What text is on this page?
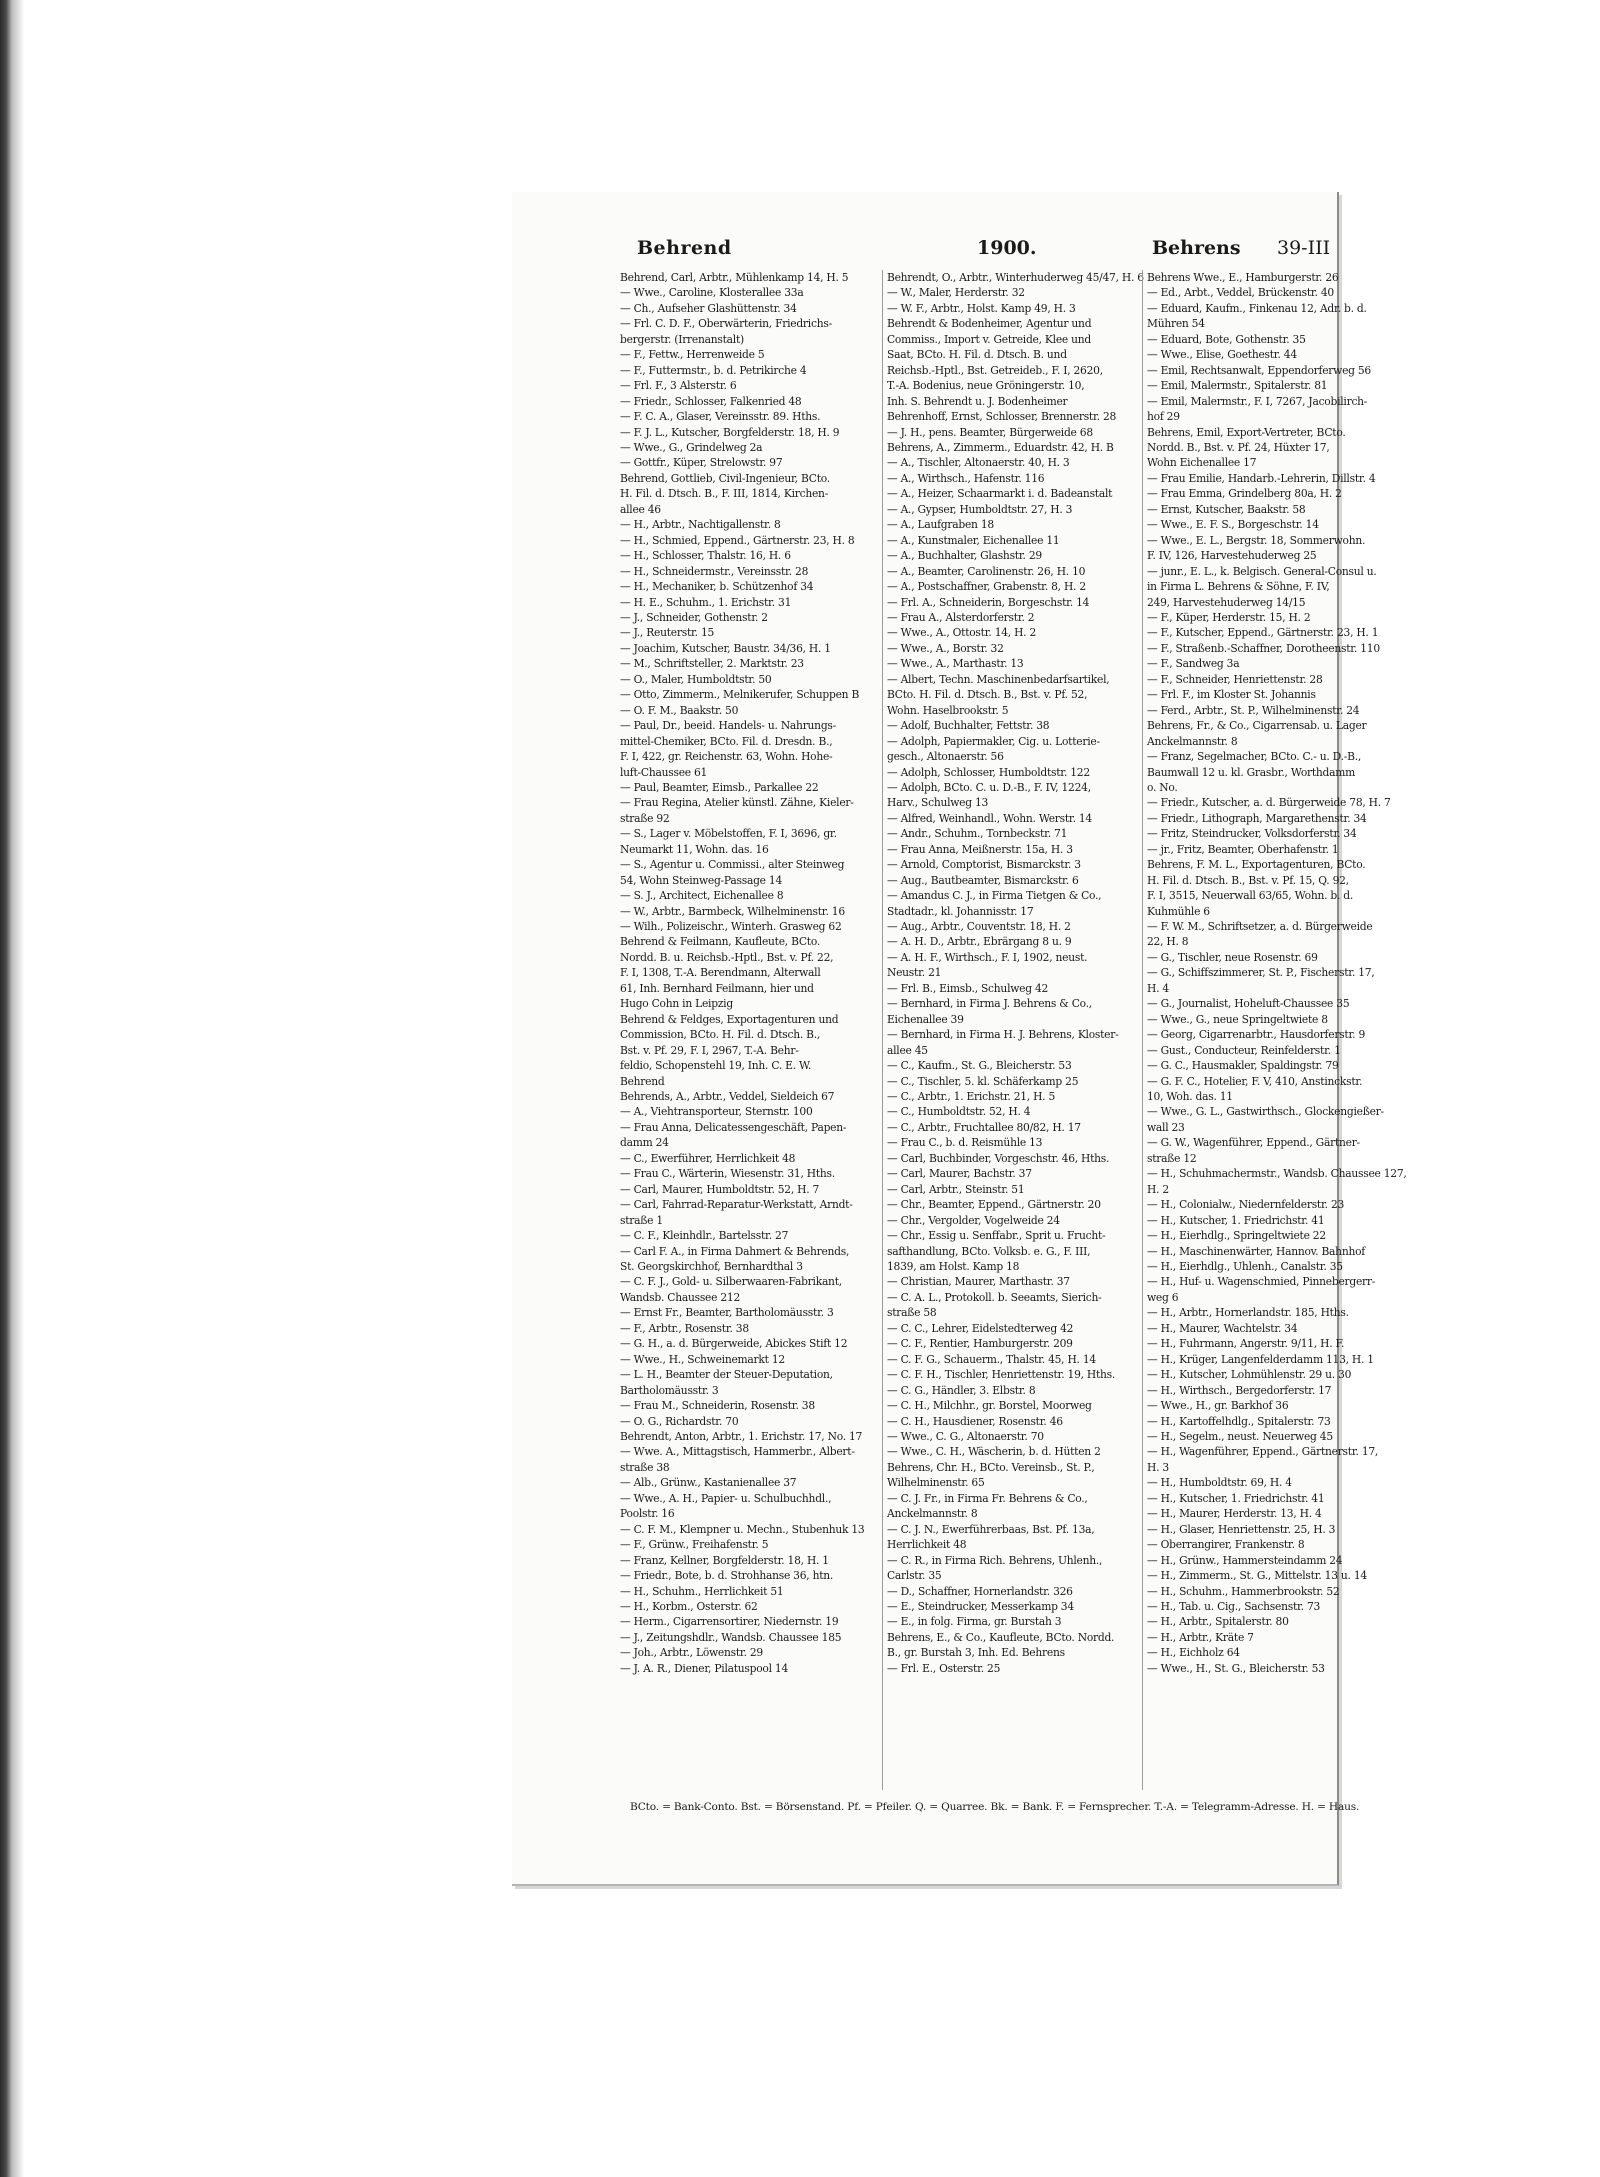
Behrend	1900.	Behrens 39-III
Behrend, Carl, Arbtr., Mühlenkamp 14, H. 5
— Wwe., Caroline, Klosterallee 33a
— Ch., Aufseher Glashüttenstr. 34
— Frl. C. D. F., Oberwärterin, Friedrichs-
bergerstr. (Irrenanstalt)
— F., Fettw., Herrenweide 5
— F., Futtermstr., b. d. Petrikirche 4
— Frl. F., 3 Alsterstr. 6
— Friedr., Schlosser, Falkenried 48
— F. C. A., Glaser, Vereinsstr. 89. Hths.
— F. J. L., Kutscher, Borgfelderstr. 18, H. 9
— Wwe., G., Grindelweg 2a
— Gottfr., Küper, Strelowstr. 97
Behrend, Gottlieb, Civil-Ingenieur, BCto.
H. Fil. d. Dtsch. B., F. III, 1814, Kirchen-
allee 46
— H., Arbtr., Nachtigallenstr. 8
— H., Schmied, Eppend., Gärtnerstr. 23, H. 8
— H., Schlosser, Thalstr. 16, H. 6
— H., Schneidermstr., Vereinsstr. 28
— H., Mechaniker, b. Schützenhof 34
— H. E., Schuhm., 1. Erichstr. 31
— J., Schneider, Gothenstr. 2
— J., Reuterstr. 15
— Joachim, Kutscher, Baustr. 34/36, H. 1
— M., Schriftsteller, 2. Marktstr. 23
— O., Maler, Humboldtstr. 50
— Otto, Zimmerm., Melnikerufer, Schuppen B
— O. F. M., Baakstr. 50
— Paul, Dr., beeid. Handels- u. Nahrungs-
mittel-Chemiker, BCto. Fil. d. Dresdn. B.,
F. I, 422, gr. Reichenstr. 63, Wohn. Hohe-
luft-Chaussee 61
— Paul, Beamter, Eimsb., Parkallee 22
— Frau Regina, Atelier künstl. Zähne, Kieler-
straße 92
— S., Lager v. Möbelstoffen, F. I, 3696, gr.
Neumarkt 11, Wohn. das. 16
— S., Agentur u. Commissi., alter Steinweg
54, Wohn Steinweg-Passage 14
— S. J., Architect, Eichenallee 8
— W., Arbtr., Barmbeck, Wilhelminenstr. 16
— Wilh., Polizeischr., Winterh. Grasweg 62
Behrend & Feilmann, Kaufleute, BCto.
Nordd. B. u. Reichsb.-Hptl., Bst. v. Pf. 22,
F. I, 1308, T.-A. Berendmann, Alterwall
61, Inh. Bernhard Feilmann, hier und
Hugo Cohn in Leipzig
Behrend & Feldges, Exportagenturen und
Commission, BCto. H. Fil. d. Dtsch. B.,
Bst. v. Pf. 29, F. I, 2967, T.-A. Behr-
feldio, Schopenstehl 19, Inh. C. E. W.
Behrend
Behrends, A., Arbtr., Veddel, Sieldeich 67
— A., Viehtransporteur, Sternstr. 100
— Frau Anna, Delicatessengeschäft, Papen-
damm 24
— C., Ewerführer, Herrlichkeit 48
— Frau C., Wärterin, Wiesenstr. 31, Hths.
— Carl, Maurer, Humboldtstr. 52, H. 7
— Carl, Fahrrad-Reparatur-Werkstatt, Arndt-
straße 1
— C. F., Kleinhdlr., Bartelsstr. 27
— Carl F. A., in Firma Dahmert & Behrends,
St. Georgskirchhof, Bernhardthal 3
— C. F. J., Gold- u. Silberwaaren-Fabrikant,
Wandsb. Chaussee 212
— Ernst Fr., Beamter, Bartholomäusstr. 3
— F., Arbtr., Rosenstr. 38
— G. H., a. d. Bürgerweide, Abickes Stift 12
— Wwe., H., Schweinemarkt 12
— L. H., Beamter der Steuer-Deputation,
Bartholomäusstr. 3
— Frau M., Schneiderin, Rosenstr. 38
— O. G., Richardstr. 70
Behrendt, Anton, Arbtr., 1. Erichstr. 17, No. 17
— Wwe. A., Mittagstisch, Hammerbr., Albert-
straße 38
— Alb., Grünw., Kastanienallee 37
— Wwe., A. H., Papier- u. Schulbuchhdl.,
Poolstr. 16
— C. F. M., Klempner u. Mechn., Stubenhuk 13
— F., Grünw., Freihafenstr. 5
— Franz, Kellner, Borgfelderstr. 18, H. 1
— Friedr., Bote, b. d. Strohhanse 36, htn.
— H., Schuhm., Herrlichkeit 51
— H., Korbm., Osterstr. 62
— Herm., Cigarrensortirer, Niedernstr. 19
— J., Zeitungshdlr., Wandsb. Chaussee 185
— Joh., Arbtr., Löwenstr. 29
— J. A. R., Diener, Pilatuspool 14
Behrendt, O., Arbtr., Winterhuderweg 45/47, H. 6
— W., Maler, Herderstr. 32
— W. F., Arbtr., Holst. Kamp 49, H. 3
Behrendt & Bodenheimer, Agentur und
Commiss., Import v. Getreide, Klee und
Saat, BCto. H. Fil. d. Dtsch. B. und
Reichsb.-Hptl., Bst. Getreideb., F. I, 2620,
T.-A. Bodenius, neue Gröningerstr. 10,
Inh. S. Behrendt u. J. Bodenheimer
Behrenhoff, Ernst, Schlosser, Brennerstr. 28
— J. H., pens. Beamter, Bürgerweide 68
Behrens, A., Zimmerm., Eduardstr. 42, H. B
— A., Tischler, Altonaerstr. 40, H. 3
— A., Wirthsch., Hafenstr. 116
— A., Heizer, Schaarmarkt i. d. Badeanstalt
— A., Gypser, Humboldtstr. 27, H. 3
— A., Laufgraben 18
— A., Kunstmaler, Eichenallee 11
— A., Buchhalter, Glashstr. 29
— A., Beamter, Carolinenstr. 26, H. 10
— A., Postschaffner, Grabenstr. 8, H. 2
— Frl. A., Schneiderin, Borgeschstr. 14
— Frau A., Alsterdorferstr. 2
— Wwe., A., Ottostr. 14, H. 2
— Wwe., A., Borstr. 32
— Wwe., A., Marthastr. 13
— Albert, Techn. Maschinenbedarfsartikel,
BCto. H. Fil. d. Dtsch. B., Bst. v. Pf. 52,
Wohn. Haselbrookstr. 5
— Adolf, Buchhalter, Fettstr. 38
— Adolph, Papiermakler, Cig. u. Lotterie-
gesch., Altonaerstr. 56
— Adolph, Schlosser, Humboldtstr. 122
— Adolph, BCto. C. u. D.-B., F. IV, 1224,
Harv., Schulweg 13
— Alfred, Weinhandl., Wohn. Werstr. 14
— Andr., Schuhm., Tornbeckstr. 71
— Frau Anna, Meißnerstr. 15a, H. 3
— Arnold, Comptorist, Bismarckstr. 3
— Aug., Bautbeamter, Bismarckstr. 6
— Amandus C. J., in Firma Tietgen & Co.,
Stadtadr., kl. Johannisstr. 17
— Aug., Arbtr., Couventstr. 18, H. 2
— A. H. D., Arbtr., Ebrärgang 8 u. 9
— A. H. F., Wirthsch., F. I, 1902, neust.
Neustr. 21
— Frl. B., Eimsb., Schulweg 42
— Bernhard, in Firma J. Behrens & Co.,
Eichenallee 39
— Bernhard, in Firma H. J. Behrens, Kloster-
allee 45
— C., Kaufm., St. G., Bleicherstr. 53
— C., Tischler, 5. kl. Schäferkamp 25
— C., Arbtr., 1. Erichstr. 21, H. 5
— C., Humboldtstr. 52, H. 4
— C., Arbtr., Fruchtallee 80/82, H. 17
— Frau C., b. d. Reismühle 13
— Carl, Buchbinder, Vorgeschstr. 46, Hths.
— Carl, Maurer, Bachstr. 37
— Carl, Arbtr., Steinstr. 51
— Chr., Beamter, Eppend., Gärtnerstr. 20
— Chr., Vergolder, Vogelweide 24
— Chr., Essig u. Senffabr., Sprit u. Frucht-
safthandlung, BCto. Volksb. e. G., F. III,
1839, am Holst. Kamp 18
— Christian, Maurer, Marthastr. 37
— C. A. L., Protokoll. b. Seeamts, Sierich-
straße 58
— C. C., Lehrer, Eidelstedterweg 42
— C. F., Rentier, Hamburgerstr. 209
— C. F. G., Schauerm., Thalstr. 45, H. 14
— C. F. H., Tischler, Henriettenstr. 19, Hths.
— C. G., Händler, 3. Elbstr. 8
— C. H., Milchhr., gr. Borstel, Moorweg
— C. H., Hausdiener, Rosenstr. 46
— Wwe., C. G., Altonaerstr. 70
— Wwe., C. H., Wäscherin, b. d. Hütten 2
Behrens, Chr. H., BCto. Vereinsb., St. P.,
Wilhelminenstr. 65
— C. J. Fr., in Firma Fr. Behrens & Co.,
Anckelmannstr. 8
— C. J. N., Ewerführerbaas, Bst. Pf. 13a,
Herrlichkeit 48
— C. R., in Firma Rich. Behrens, Uhlenh.,
Carlstr. 35
— D., Schaffner, Hornerlandstr. 326
— E., Steindrucker, Messerkamp 34
— E., in folg. Firma, gr. Burstah 3
Behrens, E., & Co., Kaufleute, BCto. Nordd.
B., gr. Burstah 3, Inh. Ed. Behrens
— Frl. E., Osterstr. 25
Behrens Wwe., E., Hamburgerstr. 26
— Ed., Arbt., Veddel, Brückenstr. 40
— Eduard, Kaufm., Finkenau 12, Adr. b. d.
Mühren 54
— Eduard, Bote, Gothenstr. 35
— Wwe., Elise, Goethestr. 44
— Emil, Rechtsanwalt, Eppendorferweg 56
— Emil, Malermstr., Spitalerstr. 81
— Emil, Malermstr., F. I, 7267, Jacobilirch-
hof 29
Behrens, Emil, Export-Vertreter, BCto.
Nordd. B., Bst. v. Pf. 24, Hüxter 17,
Wohn Eichenallee 17
— Frau Emilie, Handarb.-Lehrerin, Dillstr. 4
— Frau Emma, Grindelberg 80a, H. 2
— Ernst, Kutscher, Baakstr. 58
— Wwe., E. F. S., Borgeschstr. 14
— Wwe., E. L., Bergstr. 18, Sommerwohn.
F. IV, 126, Harvestehuderweg 25
— junr., E. L., k. Belgisch. General-Consul u.
in Firma L. Behrens & Söhne, F. IV,
249, Harvestehuderweg 14/15
— F., Küper, Herderstr. 15, H. 2
— F., Kutscher, Eppend., Gärtnerstr. 23, H. 1
— F., Straßenb.-Schaffner, Dorotheenstr. 110
— F., Sandweg 3a
— F., Schneider, Henriettenstr. 28
— Frl. F., im Kloster St. Johannis
— Ferd., Arbtr., St. P., Wilhelminenstr. 24
Behrens, Fr., & Co., Cigarrensab. u. Lager
Anckelmannstr. 8
— Franz, Segelmacher, BCto. C.- u. D.-B.,
Baumwall 12 u. kl. Grasbr., Worthdamm
o. No.
— Friedr., Kutscher, a. d. Bürgerweide 78, H. 7
— Friedr., Lithograph, Margarethenstr. 34
— Fritz, Steindrucker, Volksdorferstr. 34
— jr., Fritz, Beamter, Oberhafenstr. 1
Behrens, F. M. L., Exportagenturen, BCto.
H. Fil. d. Dtsch. B., Bst. v. Pf. 15, Q. 92,
F. I, 3515, Neuerwall 63/65, Wohn. b. d.
Kuhmühle 6
— F. W. M., Schriftsetzer, a. d. Bürgerweide
22, H. 8
— G., Tischler, neue Rosenstr. 69
— G., Schiffszimmerer, St. P., Fischerstr. 17,
H. 4
— G., Journalist, Hoheluft-Chaussee 35
— Wwe., G., neue Springeltwiete 8
— Georg, Cigarrenarbtr., Hausdorferstr. 9
— Gust., Conducteur, Reinfelderstr. 1
— G. C., Hausmakler, Spaldingstr. 79
— G. F. C., Hotelier, F. V, 410, Anstinckstr.
10, Woh. das. 11
— Wwe., G. L., Gastwirthsch., Glockengießer-
wall 23
— G. W., Wagenführer, Eppend., Gärtner-
straße 12
— H., Schuhmachermstr., Wandsb. Chaussee 127,
H. 2
— H., Colonialw., Niedernfelderstr. 23
— H., Kutscher, 1. Friedrichstr. 41
— H., Eierhdlg., Springeltwiete 22
— H., Maschinenwärter, Hannov. Bahnhof
— H., Eierhdlg., Uhlenh., Canalstr. 35
— H., Huf- u. Wagenschmied, Pinnebergerr-
weg 6
— H., Arbtr., Hornerlandstr. 185, Hths.
— H., Maurer, Wachtelstr. 34
— H., Fuhrmann, Angerstr. 9/11, H. F.
— H., Krüger, Langenfelderdamm 113, H. 1
— H., Kutscher, Lohmühlenstr. 29 u. 30
— H., Wirthsch., Bergedorferstr. 17
— Wwe., H., gr. Barkhof 36
— H., Kartoffelhdlg., Spitalerstr. 73
— H., Segelm., neust. Neuerweg 45
— H., Wagenführer, Eppend., Gärtnerstr. 17,
H. 3
— H., Humboldtstr. 69, H. 4
— H., Kutscher, 1. Friedrichstr. 41
— H., Maurer, Herderstr. 13, H. 4
— H., Glaser, Henriettenstr. 25, H. 3
— Oberrangirer, Frankenstr. 8
— H., Grünw., Hammersteindamm 24
— H., Zimmerm., St. G., Mittelstr. 13 u. 14
— H., Schuhm., Hammerbrookstr. 52
— H., Tab. u. Cig., Sachsenstr. 73
— H., Arbtr., Spitalerstr. 80
— H., Arbtr., Kräte 7
— H., Eichholz 64
— Wwe., H., St. G., Bleicherstr. 53
BCto. = Bank-Conto. Bst. = Börsenstand. Pf. = Pfeiler. Q. = Quarree. Bk. = Bank. F. = Fernsprecher. T.-A. = Telegramm-Adresse. H. = Haus.
